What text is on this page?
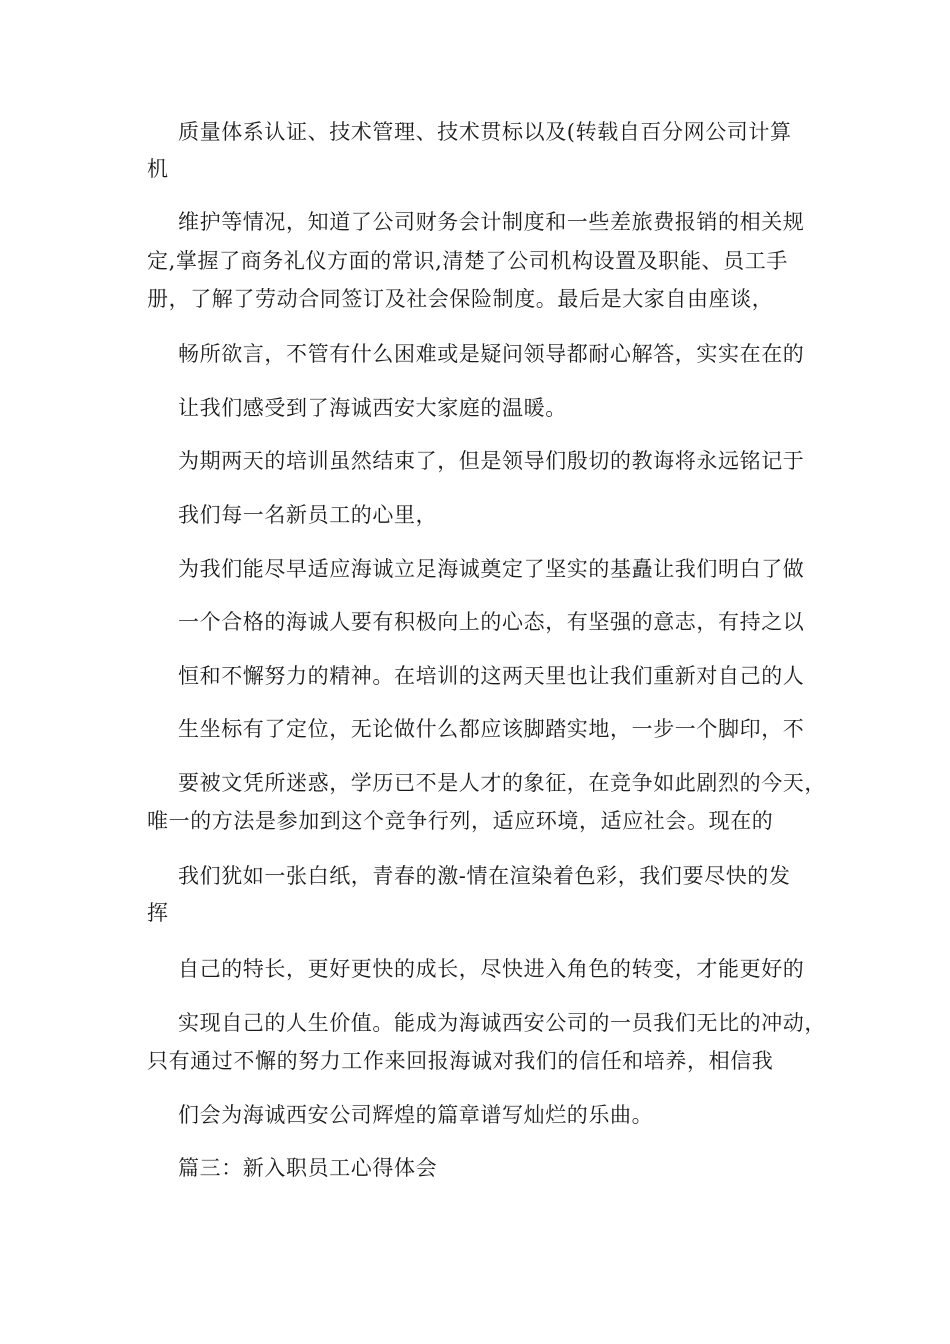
质量体系认证、技术管理、技术贯标以及(转载自百分网公司计算
机
维护等情况，知道了公司财务会计制度和一些差旅费报销的相关规
定,掌握了商务礼仪方面的常识,清楚了公司机构设置及职能、员工手
册，了解了劳动合同签订及社会保险制度。最后是大家自由座谈，
畅所欲言，不管有什么困难或是疑问领导都耐心解答，实实在在的
让我们感受到了海诚西安大家庭的温暖。
为期两天的培训虽然结束了，但是领导们殷切的教诲将永远铭记于
我们每一名新员工的心里，
为我们能尽早适应海诚立足海诚奠定了坚实的基矗让我们明白了做
一个合格的海诚人要有积极向上的心态，有坚强的意志，有持之以
恒和不懈努力的精神。在培训的这两天里也让我们重新对自己的人
生坐标有了定位，无论做什么都应该脚踏实地，一步一个脚印，不
要被文凭所迷惑，学历已不是人才的象征，在竞争如此剧烈的今天，
唯一的方法是参加到这个竞争行列，适应环境，适应社会。现在的
我们犹如一张白纸，青春的激-情在渲染着色彩，我们要尽快的发
挥
自己的特长，更好更快的成长，尽快进入角色的转变，才能更好的
实现自己的人生价值。能成为海诚西安公司的一员我们无比的冲动，
只有通过不懈的努力工作来回报海诚对我们的信任和培养，相信我
们会为海诚西安公司辉煌的篇章谱写灿烂的乐曲。
篇三：新入职员工心得体会
